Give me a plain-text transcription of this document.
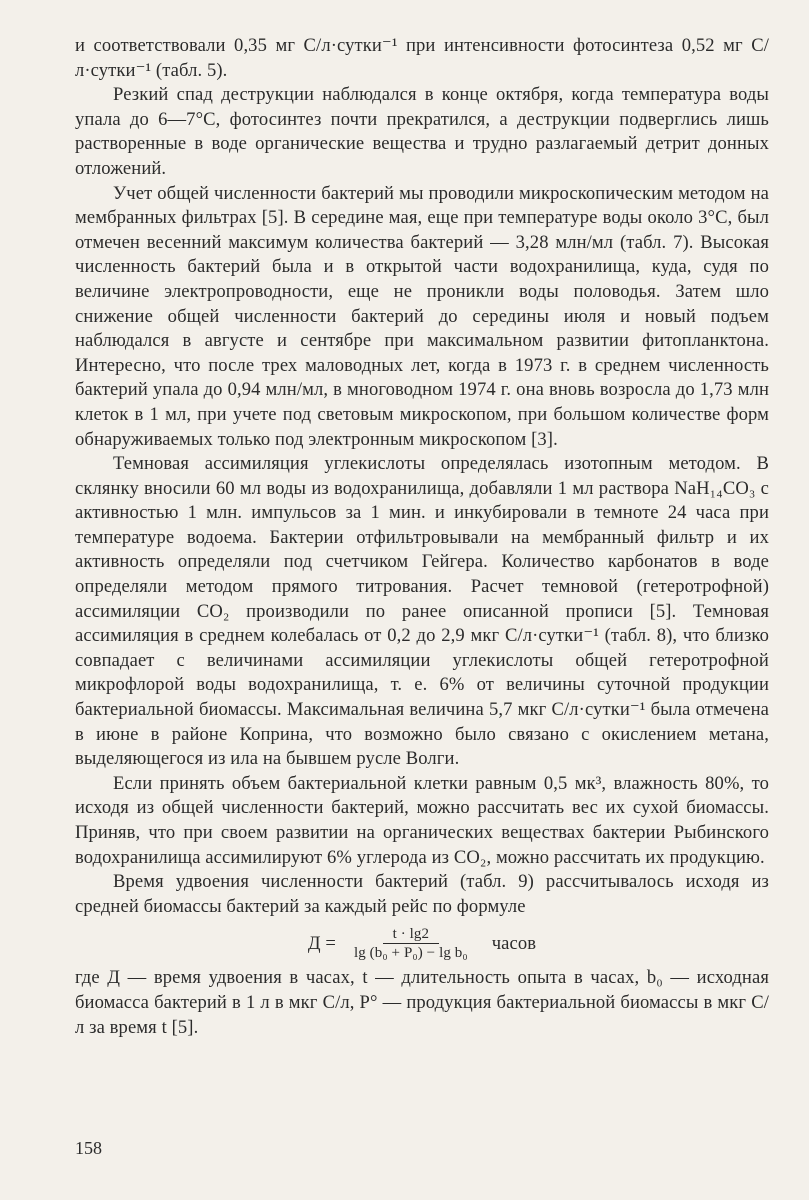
и соответствовали 0,35 мг С/л·сутки⁻¹ при интенсивности фотосинтеза 0,52 мг С/л·сутки⁻¹ (табл. 5).

Резкий спад деструкции наблюдался в конце октября, когда температура воды упала до 6—7°С, фотосинтез почти прекратился, а деструкции подверглись лишь растворенные в воде органические вещества и трудно разлагаемый детрит донных отложений.

Учет общей численности бактерий мы проводили микроскопическим методом на мембранных фильтрах [5]. В середине мая, еще при температуре воды около 3°С, был отмечен весенний максимум количества бактерий — 3,28 млн/мл (табл. 7). Высокая численность бактерий была и в открытой части водохранилища, куда, судя по величине электропроводности, еще не проникли воды половодья. Затем шло снижение общей численности бактерий до середины июля и новый подъем наблюдался в августе и сентябре при максимальном развитии фитопланктона. Интересно, что после трех маловодных лет, когда в 1973 г. в среднем численность бактерий упала до 0,94 млн/мл, в многоводном 1974 г. она вновь возросла до 1,73 млн клеток в 1 мл, при учете под световым микроскопом, при большом количестве форм обнаруживаемых только под электронным микроскопом [3].

Темновая ассимиляция углекислоты определялась изотопным методом. В склянку вносили 60 мл воды из водохранилища, добавляли 1 мл раствора NaH₁₄CO₃ с активностью 1 млн. импульсов за 1 мин. и инкубировали в темноте 24 часа при температуре водоема. Бактерии отфильтровывали на мембранный фильтр и их активность определяли под счетчиком Гейгера. Количество карбонатов в воде определяли методом прямого титрования. Расчет темновой (гетеротрофной) ассимиляции СО₂ производили по ранее описанной прописи [5]. Темновая ассимиляция в среднем колебалась от 0,2 до 2,9 мкг С/л·сутки⁻¹ (табл. 8), что близко совпадает с величинами ассимиляции углекислоты общей гетеротрофной микрофлорой воды водохранилища, т. е. 6% от величины суточной продукции бактериальной биомассы. Максимальная величина 5,7 мкг С/л·сутки⁻¹ была отмечена в июне в районе Коприна, что возможно было связано с окислением метана, выделяющегося из ила на бывшем русле Волги.

Если принять объем бактериальной клетки равным 0,5 мк³, влажность 80%, то исходя из общей численности бактерий, можно рассчитать вес их сухой биомассы. Приняв, что при своем развитии на органических веществах бактерии Рыбинского водохранилища ассимилируют 6% углерода из СО₂, можно рассчитать их продукцию.

Время удвоения численности бактерий (табл. 9) рассчитывалось исходя из средней биомассы бактерий за каждый рейс по формуле

$Д = \frac{t \cdot \lg 2}{\text{lg (b₀ + P₀) − lg b₀}}$ часов

где Д — время удвоения в часах, t — длительность опыта в часах, b₀ — исходная биомасса бактерий в 1 л в мкг С/л, P° — продукция бактериальной биомассы в мкг С/л за время t [5].

158
